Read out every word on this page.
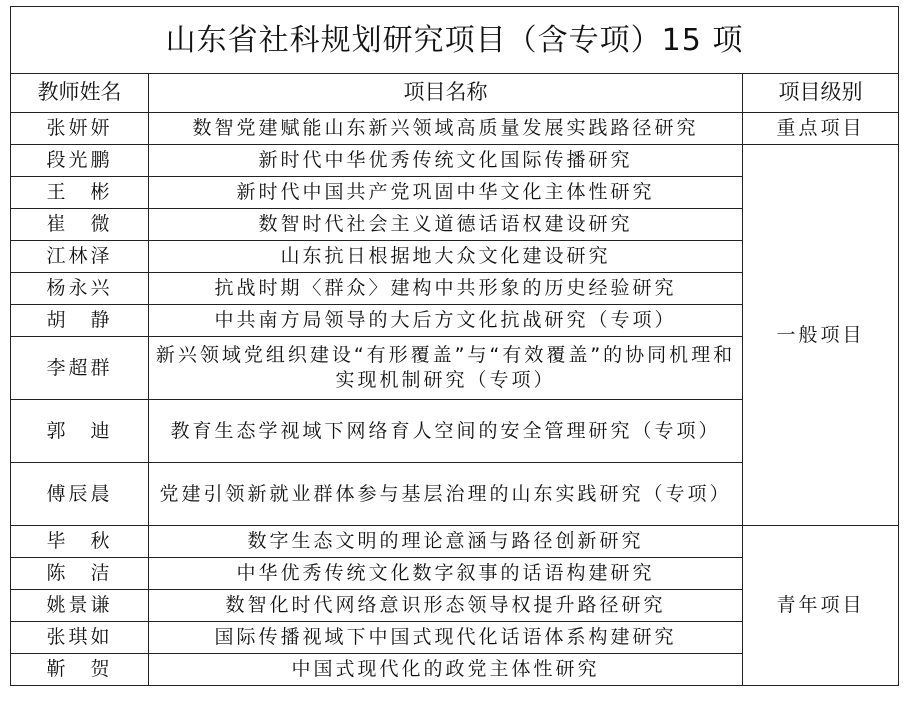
山东省社科规划研究项目（含专项）15 项		
教师姓名	项目名称	项目级别
张妍妍	数智党建赋能山东新兴领域高质量发展实践路径研究	重点项目
段光鹏	新时代中华优秀传统文化国际传播研究	一般项目
王　彬	新时代中国共产党巩固中华文化主体性研究	
崔　微	数智时代社会主义道德话语权建设研究	
江林泽	山东抗日根据地大众文化建设研究	
杨永兴	抗战时期〈群众〉建构中共形象的历史经验研究	
胡　静	中共南方局领导的大后方文化抗战研究（专项）	
李超群	新兴领域党组织建设“有形覆盖”与“有效覆盖”的协同机理和实现机制研究（专项）	
郭　迪	教育生态学视域下网络育人空间的安全管理研究（专项）	
傅辰晨	党建引领新就业群体参与基层治理的山东实践研究（专项）	
毕　秋	数字生态文明的理论意涵与路径创新研究	青年项目
陈　洁	中华优秀传统文化数字叙事的话语构建研究	
姚景谦	数智化时代网络意识形态领导权提升路径研究	
张琪如	国际传播视域下中国式现代化话语体系构建研究	
靳　贺	中国式现代化的政党主体性研究	
